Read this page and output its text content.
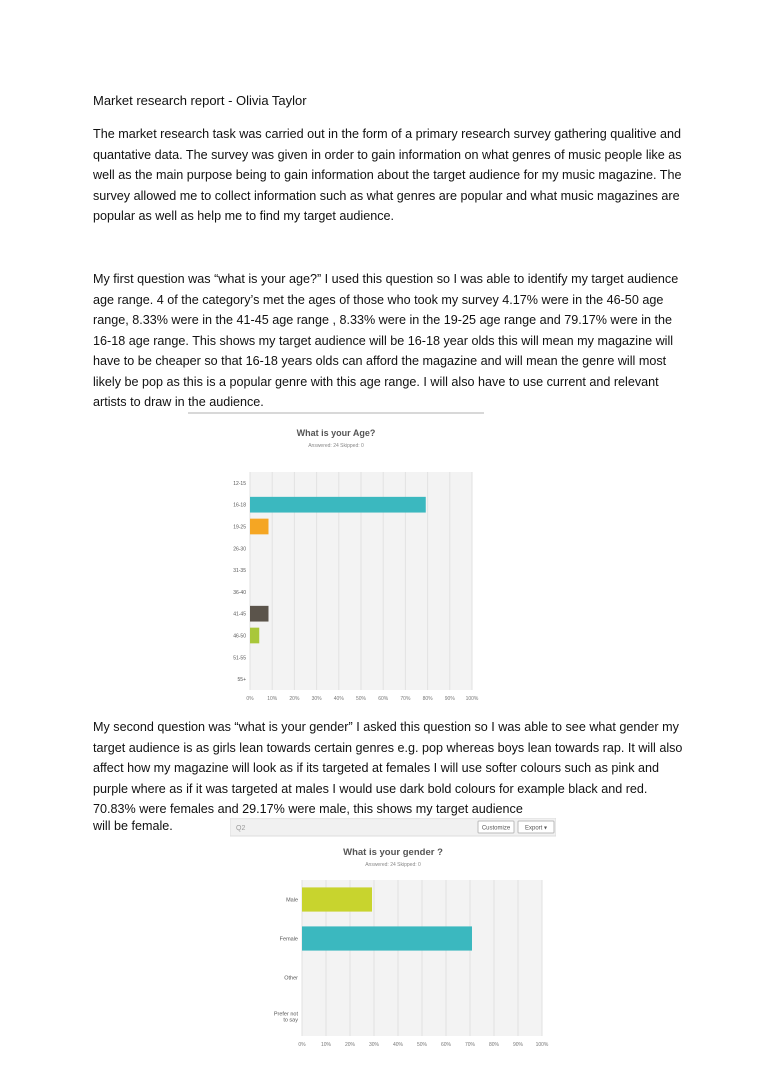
Market research report - Olivia Taylor

The market research task was carried out in the form of a primary research survey gathering qualitive and quantative data. The survey was given in order to gain information on what genres of music people like as well as the main purpose being to gain information about the target audience for my music magazine. The survey allowed me to collect information such as what genres are popular and what music magazines are popular as well as help me to find my target audience.

My first question was “what is your age?” I used this question so I was able to identify my target audience age range. 4 of the category’s met the ages of those who took my survey 4.17% were in the 46-50 age range, 8.33% were in the 41-45 age range , 8.33% were in the 19-25 age range and 79.17% were in the 16-18 age range. This shows my target audience will be 16-18 year olds this will mean my magazine will have to be cheaper so that 16-18 years olds can afford the magazine and will mean the genre will most likely be pop as this is a popular genre with this age range. I will also have to use current and relevant artists to draw in the audience.

What is your Age?
Answered: 24 Skipped: 0
0%	10% 20% 30% 40% 50% 60% 70% 80% 90% 100%
12-15
16-18
19-25
26-30
31-35
36-40
41-45
46-50
51-55
55+

My second question was “what is your gender” I asked this question so I was able to see what gender my target audience is as girls lean towards certain genres e.g. pop whereas boys lean towards rap. It will also affect how my magazine will look as if its targeted at females I will use softer colours such as pink and purple where as if it was targeted at males I would use dark bold colours for example black and red. 70.83% were females and 29.17% were male, this shows my target audience

will be female.	Q2	Customize Export ▾
What is your gender ?
Answered: 24 Skipped: 0
0%	10%	20%	30%	40%	50%	60%	70%	80%	90%	100%
Male
Female
Other
Prefer not
to say
